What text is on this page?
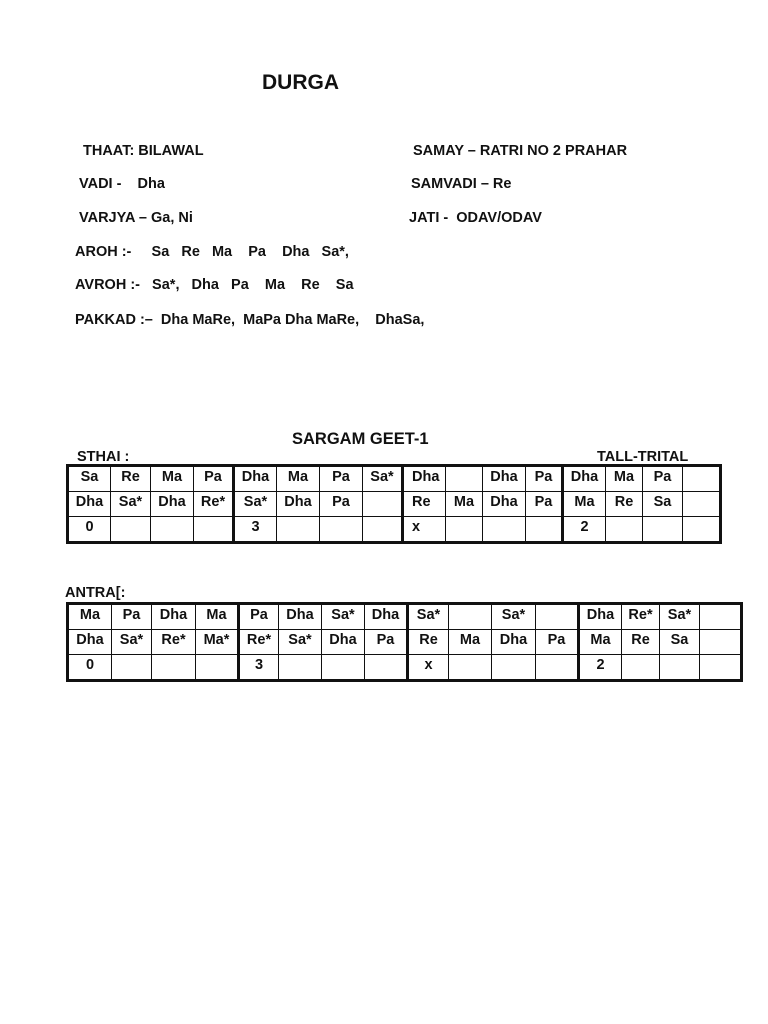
DURGA
THAAT: BILAWAL	SAMAY – RATRI NO 2 PRAHAR
VADI -    Dha	SAMVADI – Re
VARJYA – Ga, Ni	JATI -  ODAV/ODAV
AROH :-     Sa   Re   Ma    Pa    Dha   Sa*,
AVROH :-   Sa*,   Dha   Pa    Ma    Re    Sa
PAKKAD :–  Dha MaRe,  MaPa Dha MaRe,    DhaSa,
SARGAM GEET-1
STHAI :	TALL-TRITAL
Sa	Re	Ma	Pa	Dha	Ma	Pa	Sa*	Dha		Dha	Pa	Dha	Ma	Pa	
Dha	Sa*	Dha	Re*	Sa*	Dha	Pa		Re	Ma	Dha	Pa	Ma	Re	Sa	
0				3				x				2			
ANTRA[:
Ma	Pa	Dha	Ma	Pa	Dha	Sa*	Dha	Sa*		Sa*		Dha	Re*	Sa*	
Dha	Sa*	Re*	Ma*	Re*	Sa*	Dha	Pa	Re	Ma	Dha	Pa	Ma	Re	Sa	
0				3				x				2			
